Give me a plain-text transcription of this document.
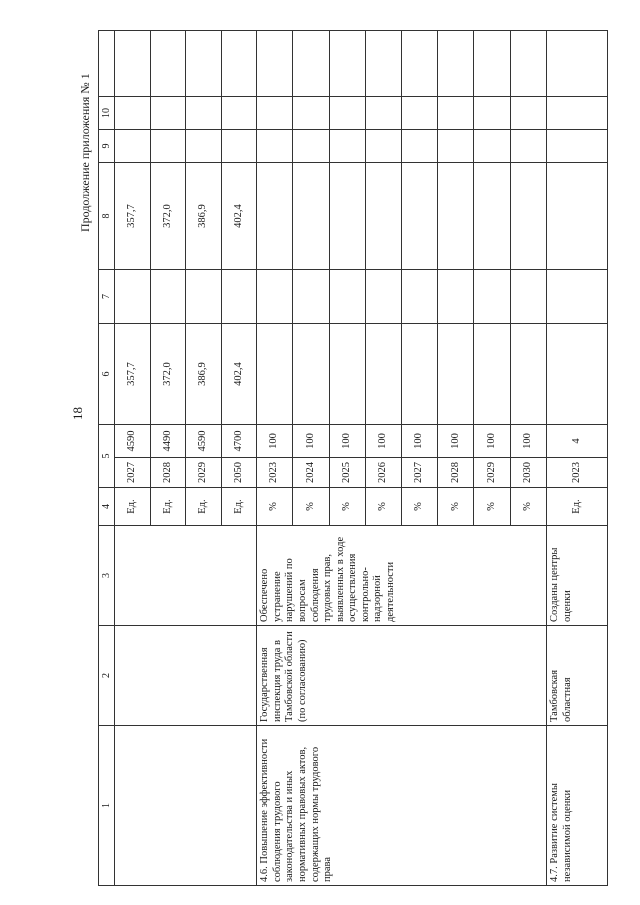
18
Продолжение приложения № 1
1	2	3	4	5		6	7	8	9	10	
			Ед.	2027	4590	357,7		357,7			
			Ед.	2028	4490	372,0		372,0			
			Ед.	2029	4590	386,9		386,9			
			Ед.	2050	4700	402,4		402,4			
4.6. Повышение эффективности соблюдения трудового законодательства и иных нормативных правовых актов, содержащих нормы трудового права	Государственная инспекция труда в Тамбовской области (по согласованию)	Обеспечено устранение нарушений по вопросам соблюдения трудовых прав, выявленных в ходе осуществления контрольно-надзорной деятельности	%	2023	100						
			%	2024	100						
			%	2025	100						
			%	2026	100						
			%	2027	100						
			%	2028	100						
			%	2029	100						
			%	2030	100						
4.7. Развитие системы независимой оценки	Тамбовская областная	Созданы центры оценки	Ед.	2023	4						
